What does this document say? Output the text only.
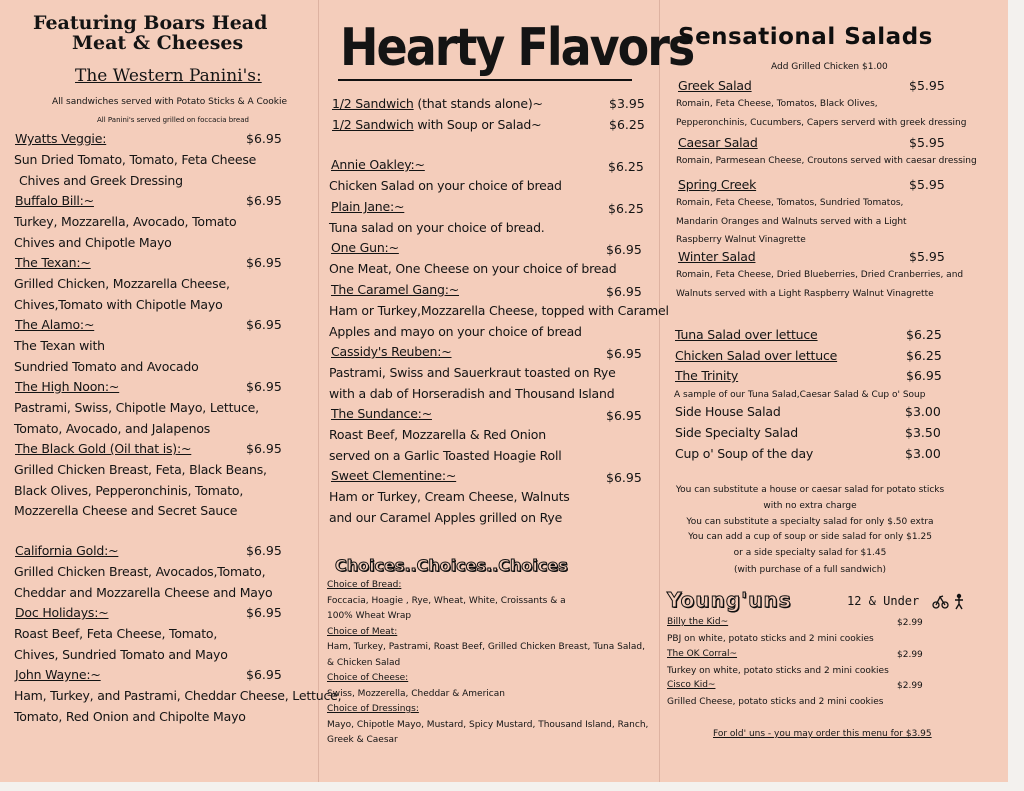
Featuring Boars Head
Meat & Cheeses
The Western Panini's:
All sandwiches served with Potato Sticks & A Cookie
All Panini's served grilled on foccacia bread
Wyatts Veggie:	$6.95
Sun Dried Tomato, Tomato, Feta Cheese
Chives and Greek Dressing
Buffalo Bill:~	$6.95
Turkey, Mozzarella, Avocado, Tomato
Chives and Chipotle Mayo
The Texan:~	$6.95
Grilled Chicken, Mozzarella Cheese,
Chives,Tomato with Chipotle Mayo
The Alamo:~	$6.95
The Texan with
Sundried Tomato and Avocado
The High Noon:~	$6.95
Pastrami, Swiss, Chipotle Mayo, Lettuce,
Tomato, Avocado, and Jalapenos
The Black Gold (Oil that is):~	$6.95
Grilled Chicken Breast, Feta, Black Beans,
Black Olives, Pepperonchinis, Tomato,
Mozzerella Cheese and Secret Sauce
California Gold:~	$6.95
Grilled Chicken Breast, Avocados,Tomato,
Cheddar and Mozzarella Cheese and Mayo
Doc Holidays:~	$6.95
Roast Beef, Feta Cheese, Tomato,
Chives, Sundried Tomato and Mayo
John Wayne:~	$6.95
Ham, Turkey, and Pastrami, Cheddar Cheese, Lettuce,
Tomato, Red Onion and Chipolte Mayo
Hearty Flavors
1/2 Sandwich (that stands alone)~	$3.95
1/2 Sandwich with Soup or Salad~	$6.25
Annie Oakley:~	$6.25
Chicken Salad on your choice of bread
Plain Jane:~	$6.25
Tuna salad on your choice of bread.
One Gun:~	$6.95
One Meat, One Cheese on your choice of bread
The Caramel Gang:~	$6.95
Ham or Turkey,Mozzarella Cheese, topped with Caramel
Apples and mayo on your choice of bread
Cassidy's Reuben:~	$6.95
Pastrami, Swiss and Sauerkraut toasted on Rye
with a dab of Horseradish and Thousand Island
The Sundance:~	$6.95
Roast Beef, Mozzarella & Red Onion
served on a Garlic Toasted Hoagie Roll
Sweet Clementine:~	$6.95
Ham or Turkey, Cream Cheese, Walnuts
and our Caramel Apples grilled on Rye
Choices..Choices..Choices
Choice of Bread:
Foccacia, Hoagie , Rye, Wheat, White, Croissants & a
100% Wheat Wrap
Choice of Meat:
Ham, Turkey, Pastrami, Roast Beef, Grilled Chicken Breast, Tuna Salad,
& Chicken Salad
Choice of Cheese:
Swiss, Mozzerella, Cheddar & American
Choice of Dressings:
Mayo, Chipotle Mayo, Mustard, Spicy Mustard, Thousand Island, Ranch,
Greek & Caesar
Sensational Salads
Add Grilled Chicken $1.00
Greek Salad	$5.95
Romain, Feta Cheese, Tomatos, Black Olives,
Pepperonchinis, Cucumbers, Capers serverd with greek dressing
Caesar Salad	$5.95
Romain, Parmesean Cheese, Croutons served with caesar dressing
Spring Creek	$5.95
Romain, Feta Cheese, Tomatos, Sundried Tomatos,
Mandarin Oranges and Walnuts served with a Light
Raspberry Walnut Vinagrette
Winter Salad	$5.95
Romain, Feta Cheese, Dried Blueberries, Dried Cranberries, and
Walnuts served with a Light Raspberry Walnut Vinagrette
Tuna Salad over lettuce	$6.25
Chicken Salad over lettuce	$6.25
The Trinity	$6.95
A sample of our Tuna Salad,Caesar Salad & Cup o' Soup
Side House Salad	$3.00
Side Specialty Salad	$3.50
Cup o' Soup of the day	$3.00
You can substitute a house or caesar salad for potato sticks
with no extra charge
You can substitute a specialty salad for only $.50 extra
You can add a cup of soup or side salad for only $1.25
or a side specialty salad for $1.45
(with purchase of a full sandwich)
Young'uns	12 & Under
Billy the Kid~	$2.99
PBJ on white, potato sticks and 2 mini cookies
The OK Corral~	$2.99
Turkey on white, potato sticks and 2 mini cookies
Cisco Kid~	$2.99
Grilled Cheese, potato sticks and 2 mini cookies
For old' uns - you may order this menu for $3.95
